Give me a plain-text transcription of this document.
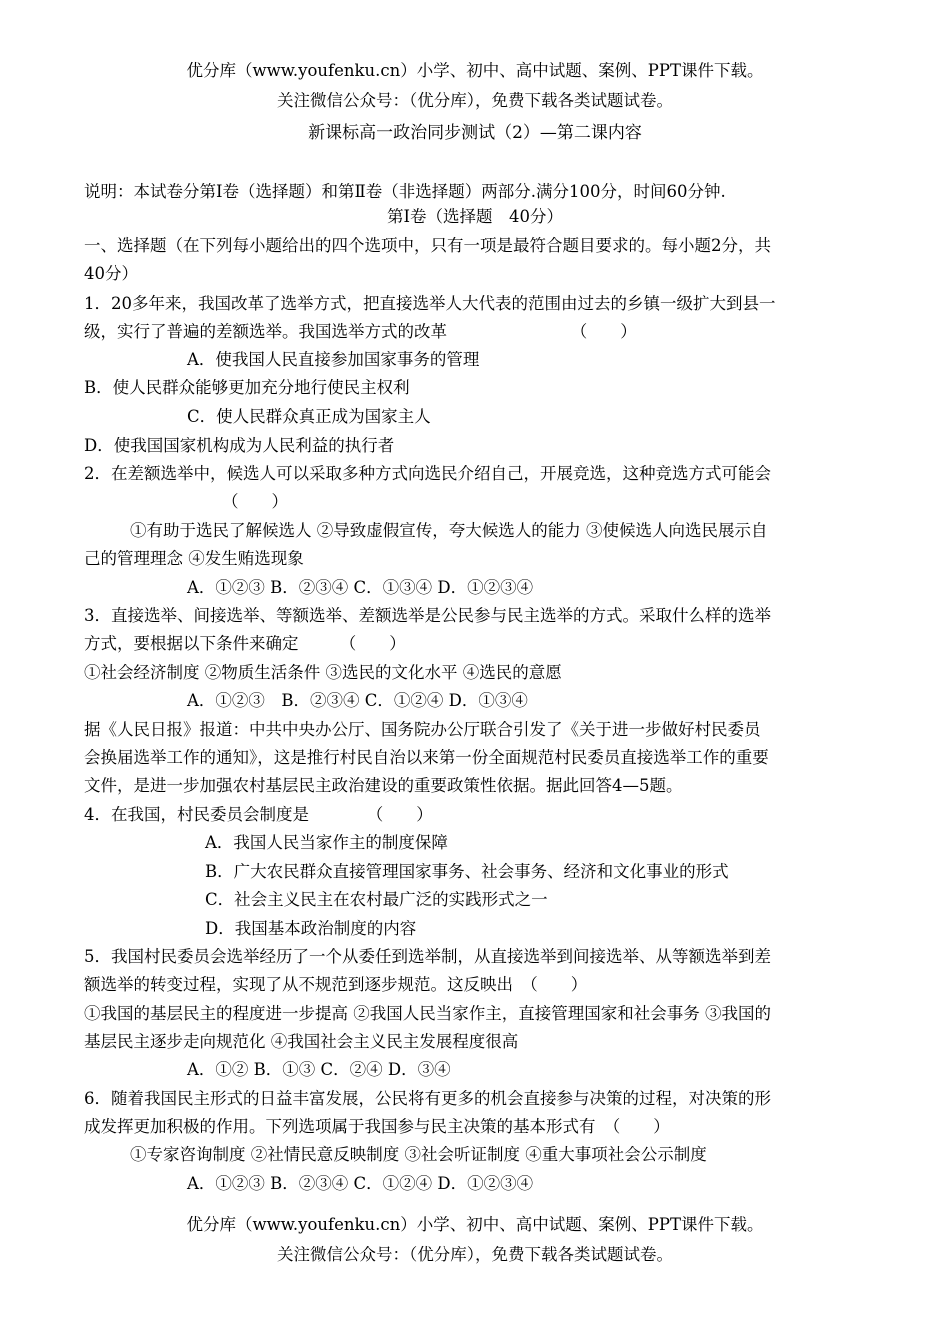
优分库（www.youfenku.cn）小学、初中、高中试题、案例、PPT课件下载。
关注微信公众号：（优分库），免费下载各类试题试卷。
新课标高一政治同步测试（2）—第二课内容
说明：本试卷分第Ⅰ卷（选择题）和第Ⅱ卷（非选择题）两部分.满分100分，时间60分钟.
第Ⅰ卷（选择题　40分）
一、选择题（在下列每小题给出的四个选项中，只有一项是最符合题目要求的。每小题2分，共
40分）
1．20多年来，我国改革了选举方式，把直接选举人大代表的范围由过去的乡镇一级扩大到县一
级，实行了普遍的差额选举。我国选举方式的改革　　　　　　　　（　　）
A．使我国人民直接参加国家事务的管理
B．使人民群众能够更加充分地行使民主权利
C．使人民群众真正成为国家主人
D．使我国国家机构成为人民利益的执行者
2．在差额选举中，候选人可以采取多种方式向选民介绍自己，开展竞选，这种竞选方式可能会
（　　）
①有助于选民了解候选人 ②导致虚假宣传，夸大候选人的能力 ③使候选人向选民展示自
己的管理理念 ④发生贿选现象
A．①②③ B．②③④ C．①③④ D．①②③④
3．直接选举、间接选举、等额选举、差额选举是公民参与民主选举的方式。采取什么样的选举
方式，要根据以下条件来确定　　　（　　）
①社会经济制度 ②物质生活条件 ③选民的文化水平 ④选民的意愿
A．①②③　B．②③④ C．①②④ D．①③④
据《人民日报》报道：中共中央办公厅、国务院办公厅联合引发了《关于进一步做好村民委员
会换届选举工作的通知》，这是推行村民自治以来第一份全面规范村民委员直接选举工作的重要
文件，是进一步加强农村基层民主政治建设的重要政策性依据。据此回答4—5题。
4．在我国，村民委员会制度是　　　　（　　）
A．我国人民当家作主的制度保障
B．广大农民群众直接管理国家事务、社会事务、经济和文化事业的形式
C．社会主义民主在农村最广泛的实践形式之一
D．我国基本政治制度的内容
5．我国村民委员会选举经历了一个从委任到选举制，从直接选举到间接选举、从等额选举到差
额选举的转变过程，实现了从不规范到逐步规范。这反映出　（　　）
①我国的基层民主的程度进一步提高 ②我国人民当家作主，直接管理国家和社会事务 ③我国的
基层民主逐步走向规范化 ④我国社会主义民主发展程度很高
A．①② B．①③ C．②④ D．③④
6．随着我国民主形式的日益丰富发展，公民将有更多的机会直接参与决策的过程，对决策的形
成发挥更加积极的作用。下列选项属于我国参与民主决策的基本形式有　（　　）
①专家咨询制度 ②社情民意反映制度 ③社会听证制度 ④重大事项社会公示制度
A．①②③ B．②③④ C．①②④ D．①②③④
优分库（www.youfenku.cn）小学、初中、高中试题、案例、PPT课件下载。
关注微信公众号：（优分库），免费下载各类试题试卷。
